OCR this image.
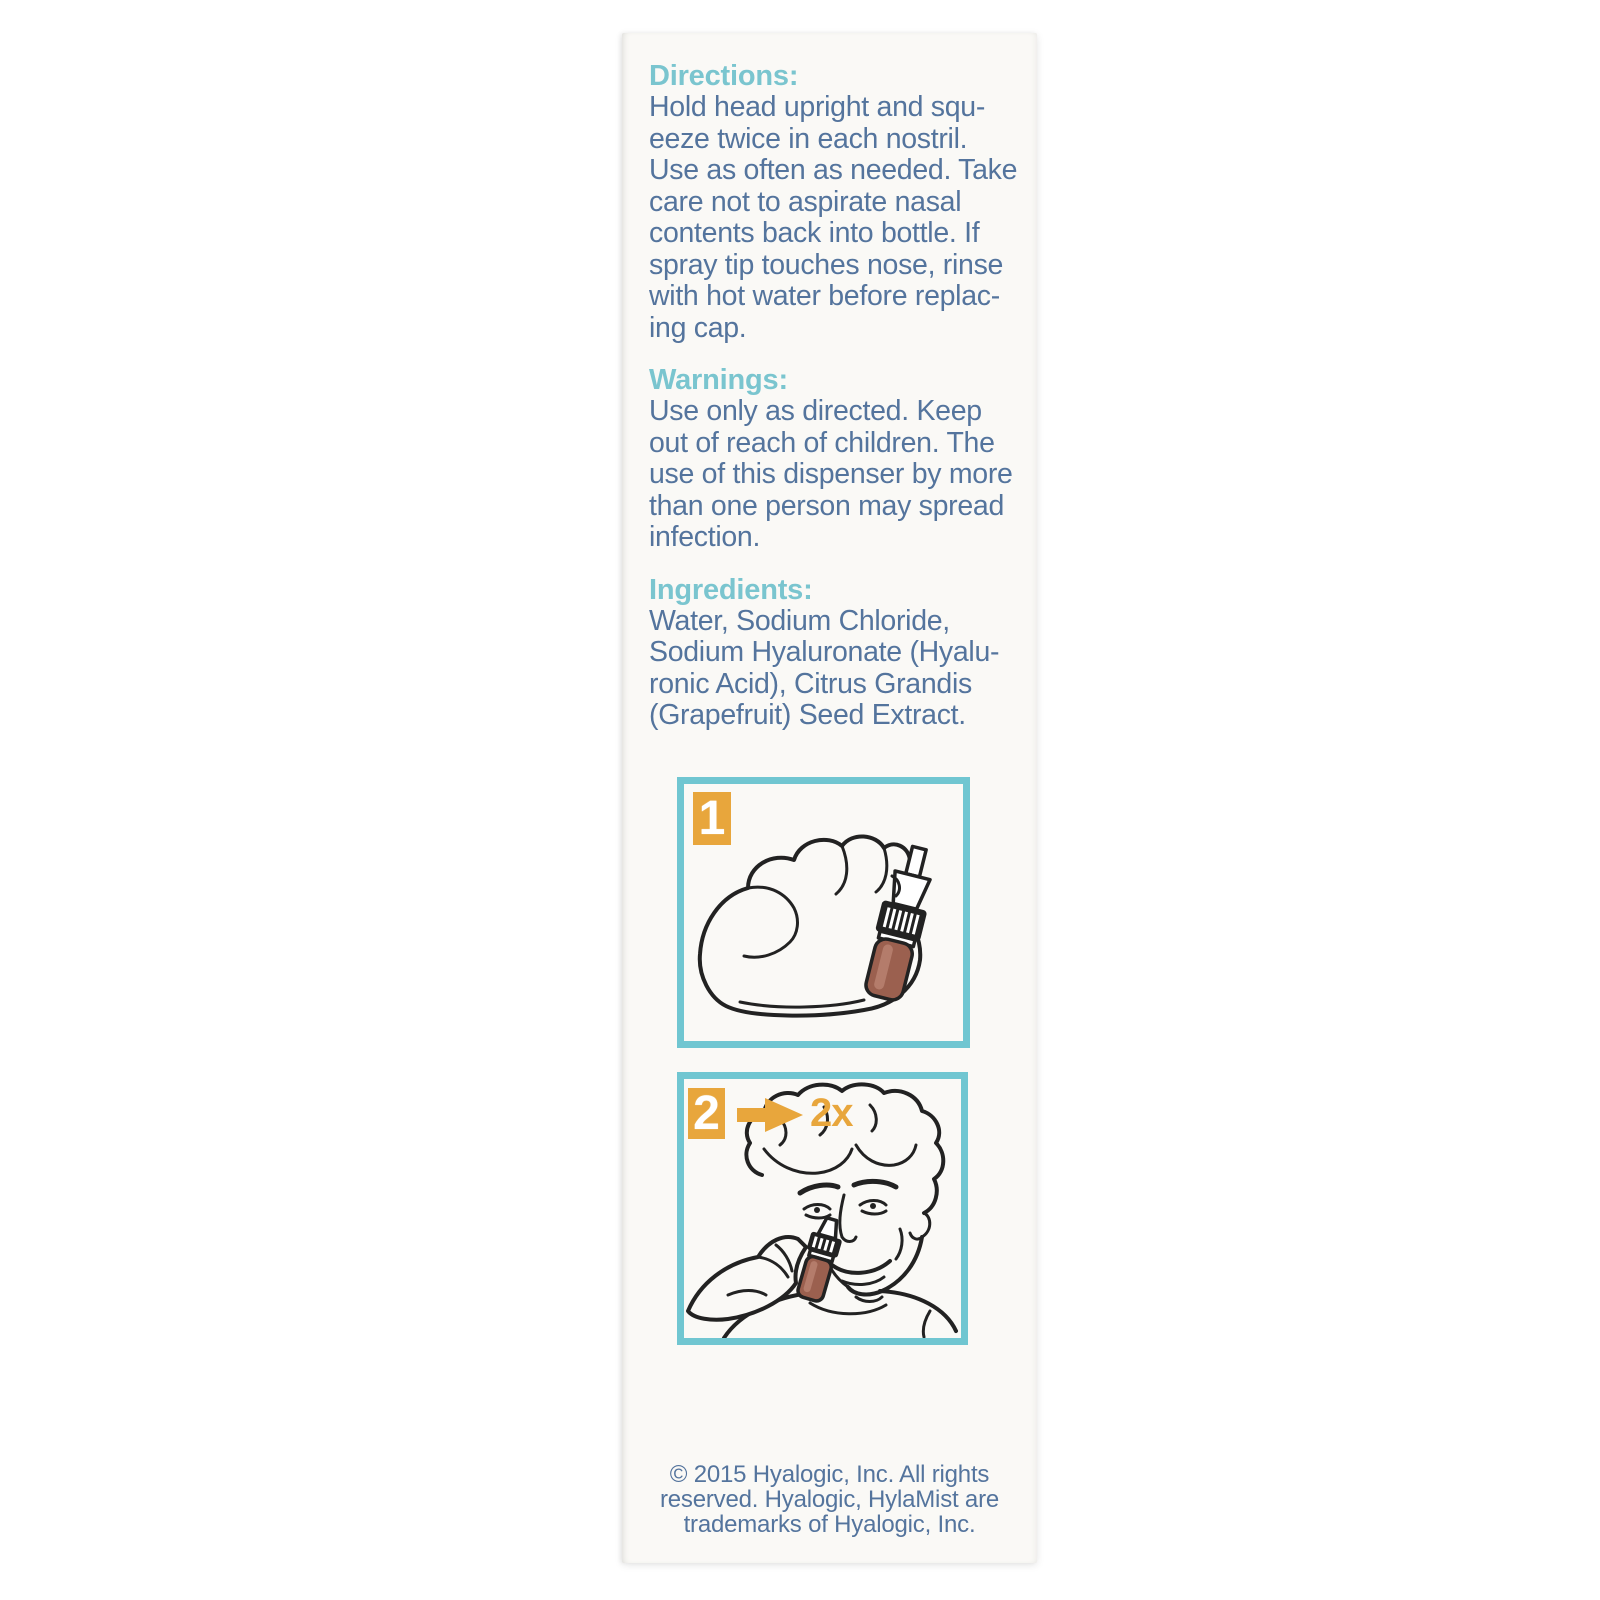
Directions:
Hold head upright and squ-
eeze twice in each nostril.
Use as often as needed. Take
care not to aspirate nasal
contents back into bottle. If
spray tip touches nose, rinse
with hot water before replac-
ing cap.
Warnings:
Use only as directed. Keep
out of reach of children. The
use of this dispenser by more
than one person may spread
infection.
Ingredients:
Water, Sodium Chloride,
Sodium Hyaluronate (Hyalu-
ronic Acid), Citrus Grandis
(Grapefruit) Seed Extract.
1
2 2x
© 2015 Hyalogic, Inc. All rights
reserved. Hyalogic, HylaMist are
trademarks of Hyalogic, Inc.
